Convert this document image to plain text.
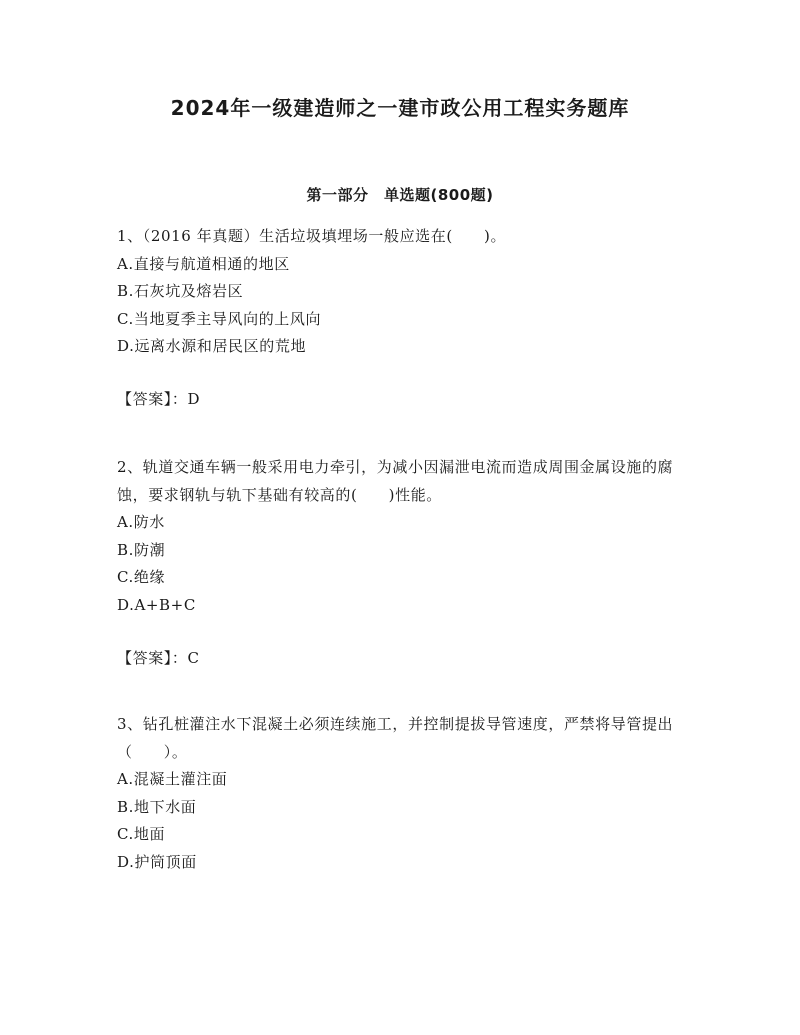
2024年一级建造师之一建市政公用工程实务题库
第一部分　单选题(800题)

1、（2016 年真题）生活垃圾填埋场一般应选在(　　)。

A.直接与航道相通的地区

B.石灰坑及熔岩区

C.当地夏季主导风向的上风向

D.远离水源和居民区的荒地

【答案】：D

2、轨道交通车辆一般采用电力牵引，为减小因漏泄电流而造成周围金属设施的腐蚀，要求钢轨与轨下基础有较高的(　　)性能。

A.防水

B.防潮

C.绝缘

D.A+B+C

【答案】：C

3、钻孔桩灌注水下混凝土必须连续施工，并控制提拔导管速度，严禁将导管提出（　　）。

A.混凝土灌注面

B.地下水面

C.地面

D.护筒顶面
